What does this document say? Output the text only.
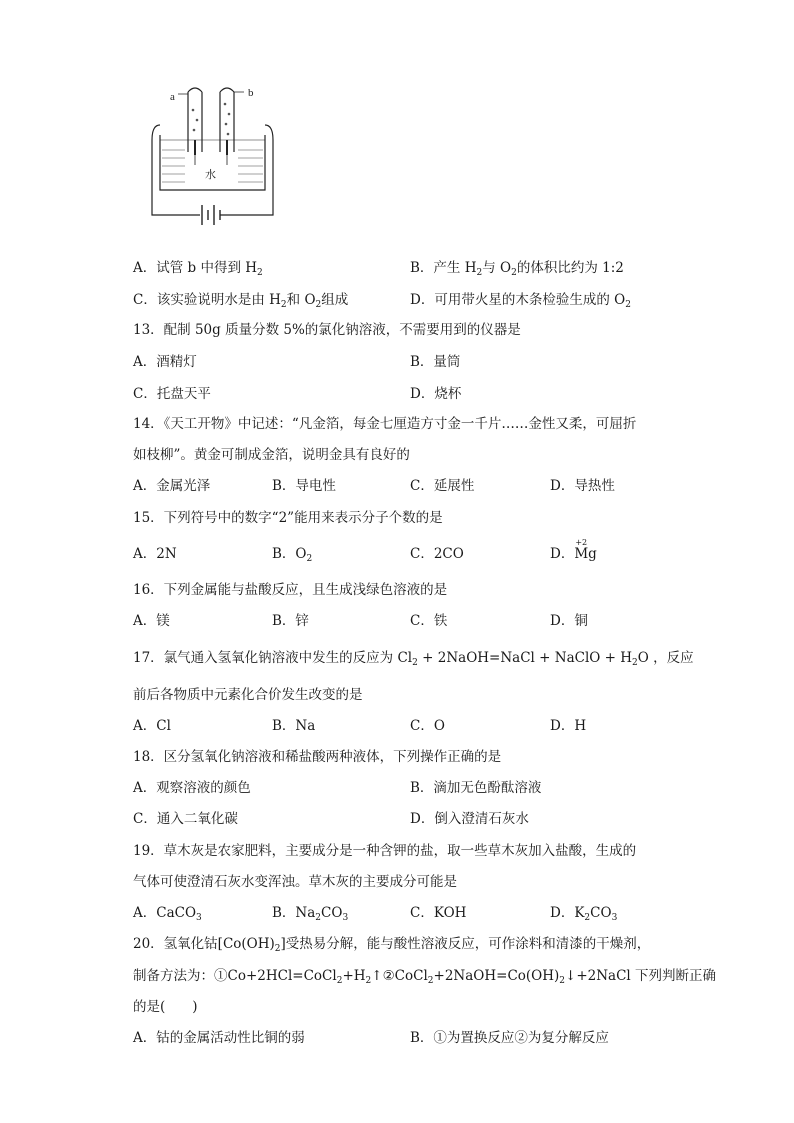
a	b
水
A．试管 b 中得到 $H_2$	B．产生 $H_2$与 $O_2$的体积比约为 1:2
C．该实验说明水是由 $H_2$和 $O_2$组成	D．可用带火星的木条检验生成的 $O_2$
13．配制 50g 质量分数 5%的氯化钠溶液，不需要用到的仪器是
A．酒精灯	B．量筒
C．托盘天平	D．烧杯
14．《天工开物》中记述：“凡金箔，每金七厘造方寸金一千片……金性又柔，可屈折
如枝柳”。黄金可制成金箔，说明金具有良好的
A．金属光泽	B．导电性	C．延展性	D．导热性
15．下列符号中的数字“2”能用来表示分子个数的是
A．2N	B．$O_2$	C．2CO	D．
+2
Mg
16．下列金属能与盐酸反应，且生成浅绿色溶液的是
A．镁	B．锌	C．铁	D．铜
17．氯气通入氢氧化钠溶液中发生的反应为 $Cl_2$ + 2NaOH=NaCl + NaClO + $H_2O$ ，反应
前后各物质中元素化合价发生改变的是
A．Cl	B．Na	C．O	D．H
18．区分氢氧化钠溶液和稀盐酸两种液体，下列操作正确的是
A．观察溶液的颜色	B．滴加无色酚酞溶液
C．通入二氧化碳	D．倒入澄清石灰水
19．草木灰是农家肥料，主要成分是一种含钾的盐，取一些草木灰加入盐酸，生成的
气体可使澄清石灰水变浑浊。草木灰的主要成分可能是
A．CaCO$_3$	B．$Na_2CO_3$	C．KOH	D．$K_2CO_3$
20．氢氧化钴$[Co(OH)_2]$受热易分解，能与酸性溶液反应，可作涂料和清漆的干燥剂，
制备方法为：$①Co+2HCl=CoCl_2+H_2↑②CoCl_2+2NaOH=Co(OH)_2↓+2NaCl$ 下列判断正确
的是(　　)
A．钴的金属活动性比铜的弱	B．①为置换反应②为复分解反应
